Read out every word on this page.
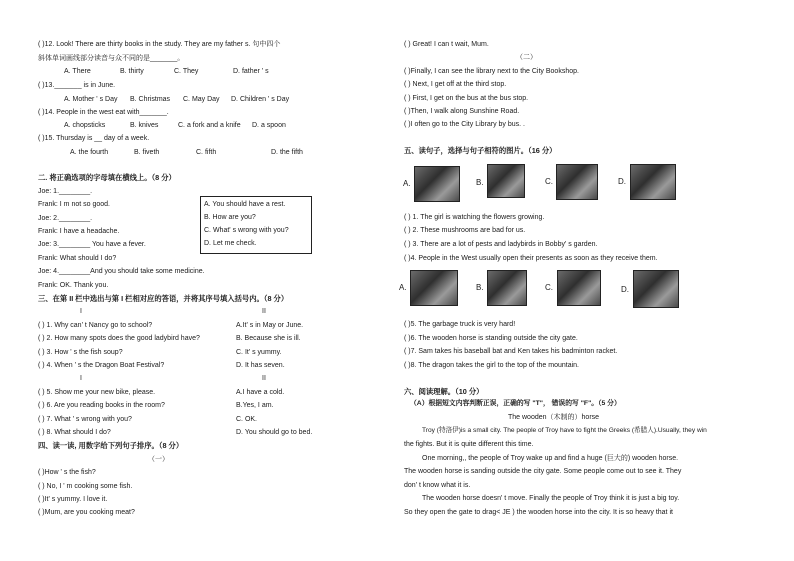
( )12. Look! There are thirty books in the study. They are my father s. 句中四个
斜体单词画线部分读音与众不同的是_______。
A. There	B. thirty	C. They	D. father ' s
( )13._______ is in June.
A. Mother ' s Day B. Christmas C. May Day D. Children ' s Day
( )14. People in the west eat with_______.
A. chopsticks	B. knives	C. a fork and a knife D. a spoon
( )15. Thursday is __ day of a week.
A. the fourth	B. fiveth	C. fifth	D. the fifth
二. 将正确选项的字母填在横线上。（8 分）
Joe: 1.________.
Frank: I m not so good.
Joe: 2.________.
Frank: I have a headache.
Joe: 3.________ You have a fever.
Frank: What should I do?
Joe: 4.________And you should take some medicine.
Frank: OK. Thank you.
A. You should have a rest.
B. How are you?
C. What' s wrong with you?
D. Let me check.
三、在第 II 栏中选出与第 I 栏相对应的答语，并将其序号填入括号内。（8 分）
I	II
( ) 1. Why can' t Nancy go to school?	A.It' s in May or June.
( ) 2. How many spots does the good ladybird have?	B. Because she is ill.
( ) 3. How ' s the fish soup?	C. It' s yummy.
( ) 4. When ' s the Dragon Boat Festival?	D. It has seven.
I	II
( ) 5. Show me your new bike, please.	A.I have a cold.
( ) 6. Are you reading books in the room?	B.Yes, I am.
( ) 7. What ' s wrong with you?	C. OK.
( ) 8. What should I do?	D. You should go to bed.
四、读一读, 用数字给下列句子排序。（8 分）
（一）
( )How ' s the fish?
( ) No, I ' m cooking some fish.
( )It' s yummy. I love it.
( )Mum, are you cooking meat?
( ) Great! I can t wait, Mum.
（二）
( )Finally, I can see the library next to the City Bookshop.
( ) Next, I get off at the third stop.
( ) First, I get on the bus at the bus stop.
( )Then, I walk along Sunshine Road.
( )I often go to the City Library by bus. .
五、读句子，选择与句子相符的图片。（16 分）
A.	B.	C.	D.
( ) 1. The girl is watching the flowers growing.
( ) 2. These mushrooms are bad for us.
( ) 3. There are a lot of pests and ladybirds in Bobby' s garden.
( )4. People in the West usually open their presents as soon as they receive them.
A.	B.	C.	D.
( )5. The garbage truck is very hard!
( )6. The wooden horse is standing outside the city gate.
( )7. Sam takes his baseball bat and Ken takes his badminton racket.
( )8. The dragon takes the girl to the top of the mountain.
六、阅读理解。（10 分）
（A）根据短文内容判断正误，正确的写 "T"， 错误的写 "F"。（5 分）
The wooden（木制的）horse
Troy (特洛伊)is a small city. The people of Troy have to fight the Greeks (希腊人).Usually, they win
the fights. But it is quite different this time.
One morning,, the people of Troy wake up and find a huge (巨大的) wooden horse.
The wooden horse is sanding outside the city gate. Some people come out to see it. They
don' t know what it is.
The wooden horse doesn' t move. Finally the people of Troy think it is just a big toy.
So they open the gate to drag< JE ) the wooden horse into the city. It is so heavy that it
